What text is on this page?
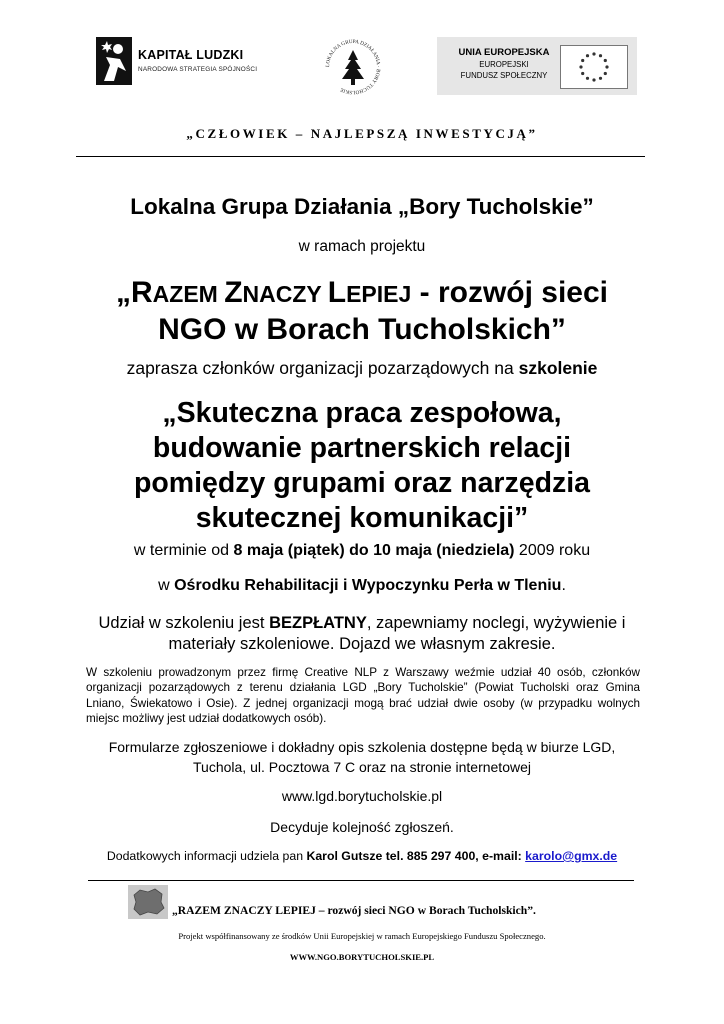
KAPITAŁ LUDZKI
NARODOWA STRATEGIA SPÓJNOŚCI
LOKALNA GRUPA DZIAŁANIA · BORY TUCHOLSKIE
UNIA EUROPEJSKA
EUROPEJSKI
FUNDUSZ SPOŁECZNY
„CZŁOWIEK – NAJLEPSZĄ INWESTYCJĄ”
Lokalna Grupa Działania „Bory Tucholskie”
w ramach projektu
„RAZEM ZNACZY LEPIEJ - rozwój sieci
NGO w Borach Tucholskich”
zaprasza członków organizacji pozarządowych na szkolenie
„Skuteczna praca zespołowa,
budowanie partnerskich relacji
pomiędzy grupami oraz narzędzia
skutecznej komunikacji”
w terminie od 8 maja (piątek) do 10 maja (niedziela) 2009 roku
w Ośrodku Rehabilitacji i Wypoczynku Perła w Tleniu.
Udział w szkoleniu jest BEZPŁATNY, zapewniamy noclegi, wyżywienie i
materiały szkoleniowe. Dojazd we własnym zakresie.
W szkoleniu prowadzonym przez firmę Creative NLP z Warszawy weźmie udział 40 osób, członków organizacji pozarządowych z terenu działania LGD „Bory Tucholskie” (Powiat Tucholski oraz Gmina Lniano, Świekatowo i Osie). Z jednej organizacji mogą brać udział dwie osoby (w przypadku wolnych miejsc możliwy jest udział dodatkowych osób).
Formularze zgłoszeniowe i dokładny opis szkolenia dostępne będą w biurze LGD,
Tuchola, ul. Pocztowa 7 C oraz na stronie internetowej
www.lgd.borytucholskie.pl
Decyduje kolejność zgłoszeń.
Dodatkowych informacji udziela pan Karol Gutsze tel. 885 297 400, e-mail: karolo@gmx.de
„RAZEM ZNACZY LEPIEJ – rozwój sieci NGO w Borach Tucholskich”.
Projekt współfinansowany ze środków Unii Europejskiej w ramach Europejskiego Funduszu Społecznego.
WWW.NGO.BORYTUCHOLSKIE.PL
